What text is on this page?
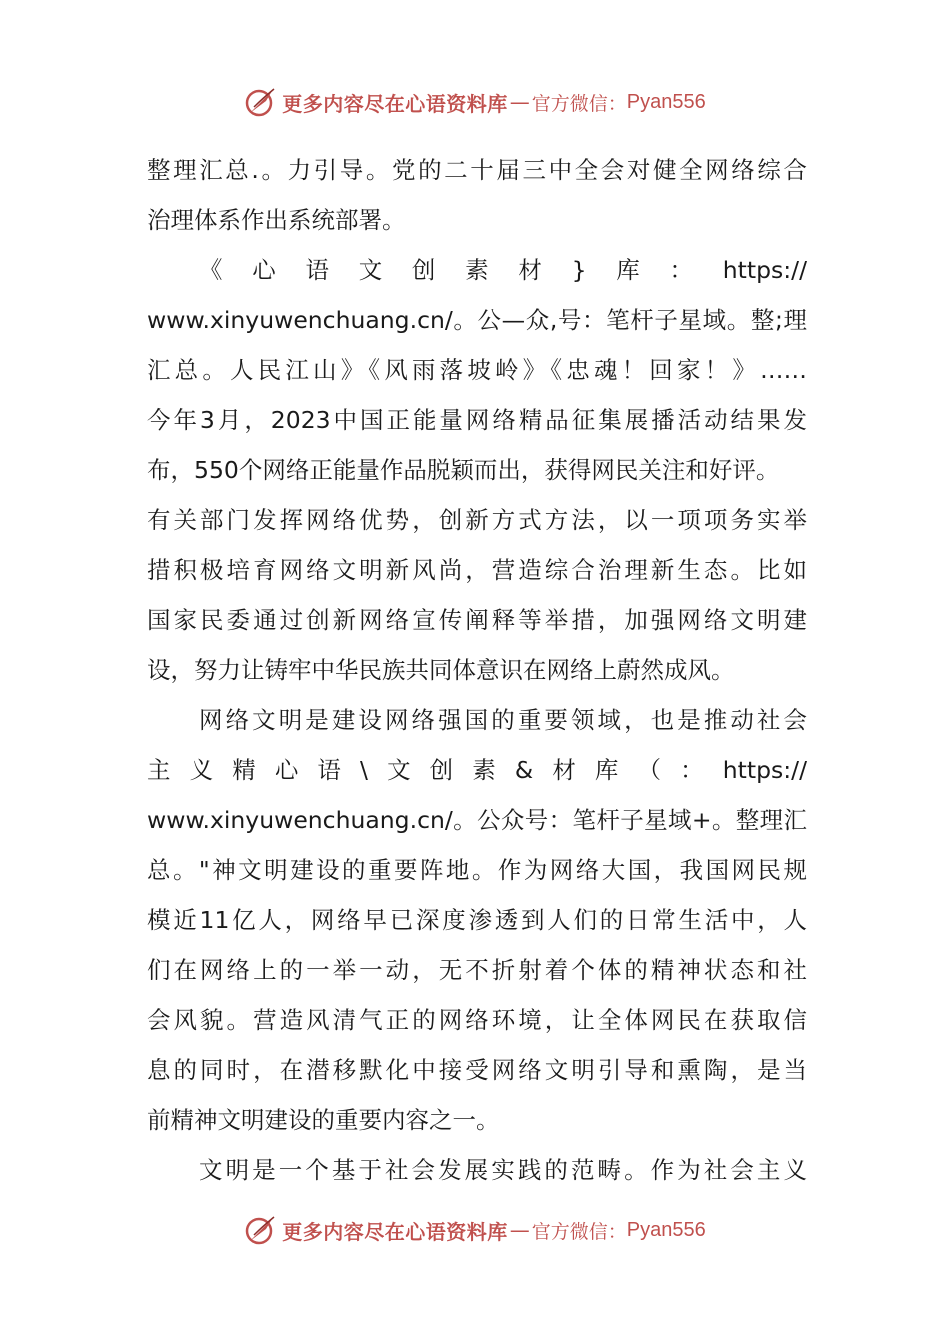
更多内容尽在心语资料库 — 官方微信： Pyan556
整理汇总.。力引导。党的二十届三中全会对健全网络综合
治理体系作出系统部署。
《心语文创素材}库：https://
www.xinyuwenchuang.cn/。公—众,号：笔杆子星域。整;理
汇总。人民江山》《风雨落坡岭》《忠魂！回家！》……
今年3月，2023中国正能量网络精品征集展播活动结果发
布，550个网络正能量作品脱颖而出，获得网民关注和好评。
有关部门发挥网络优势，创新方式方法，以一项项务实举
措积极培育网络文明新风尚，营造综合治理新生态。比如
国家民委通过创新网络宣传阐释等举措，加强网络文明建
设，努力让铸牢中华民族共同体意识在网络上蔚然成风。
网络文明是建设网络强国的重要领域，也是推动社会
主义精心语\文创素&材库（：https://
www.xinyuwenchuang.cn/。公众号：笔杆子星域+。整理汇
总。"神文明建设的重要阵地。作为网络大国，我国网民规
模近11亿人，网络早已深度渗透到人们的日常生活中，人
们在网络上的一举一动，无不折射着个体的精神状态和社
会风貌。营造风清气正的网络环境，让全体网民在获取信
息的同时，在潜移默化中接受网络文明引导和熏陶，是当
前精神文明建设的重要内容之一。
文明是一个基于社会发展实践的范畴。作为社会主义
更多内容尽在心语资料库 — 官方微信： Pyan556
